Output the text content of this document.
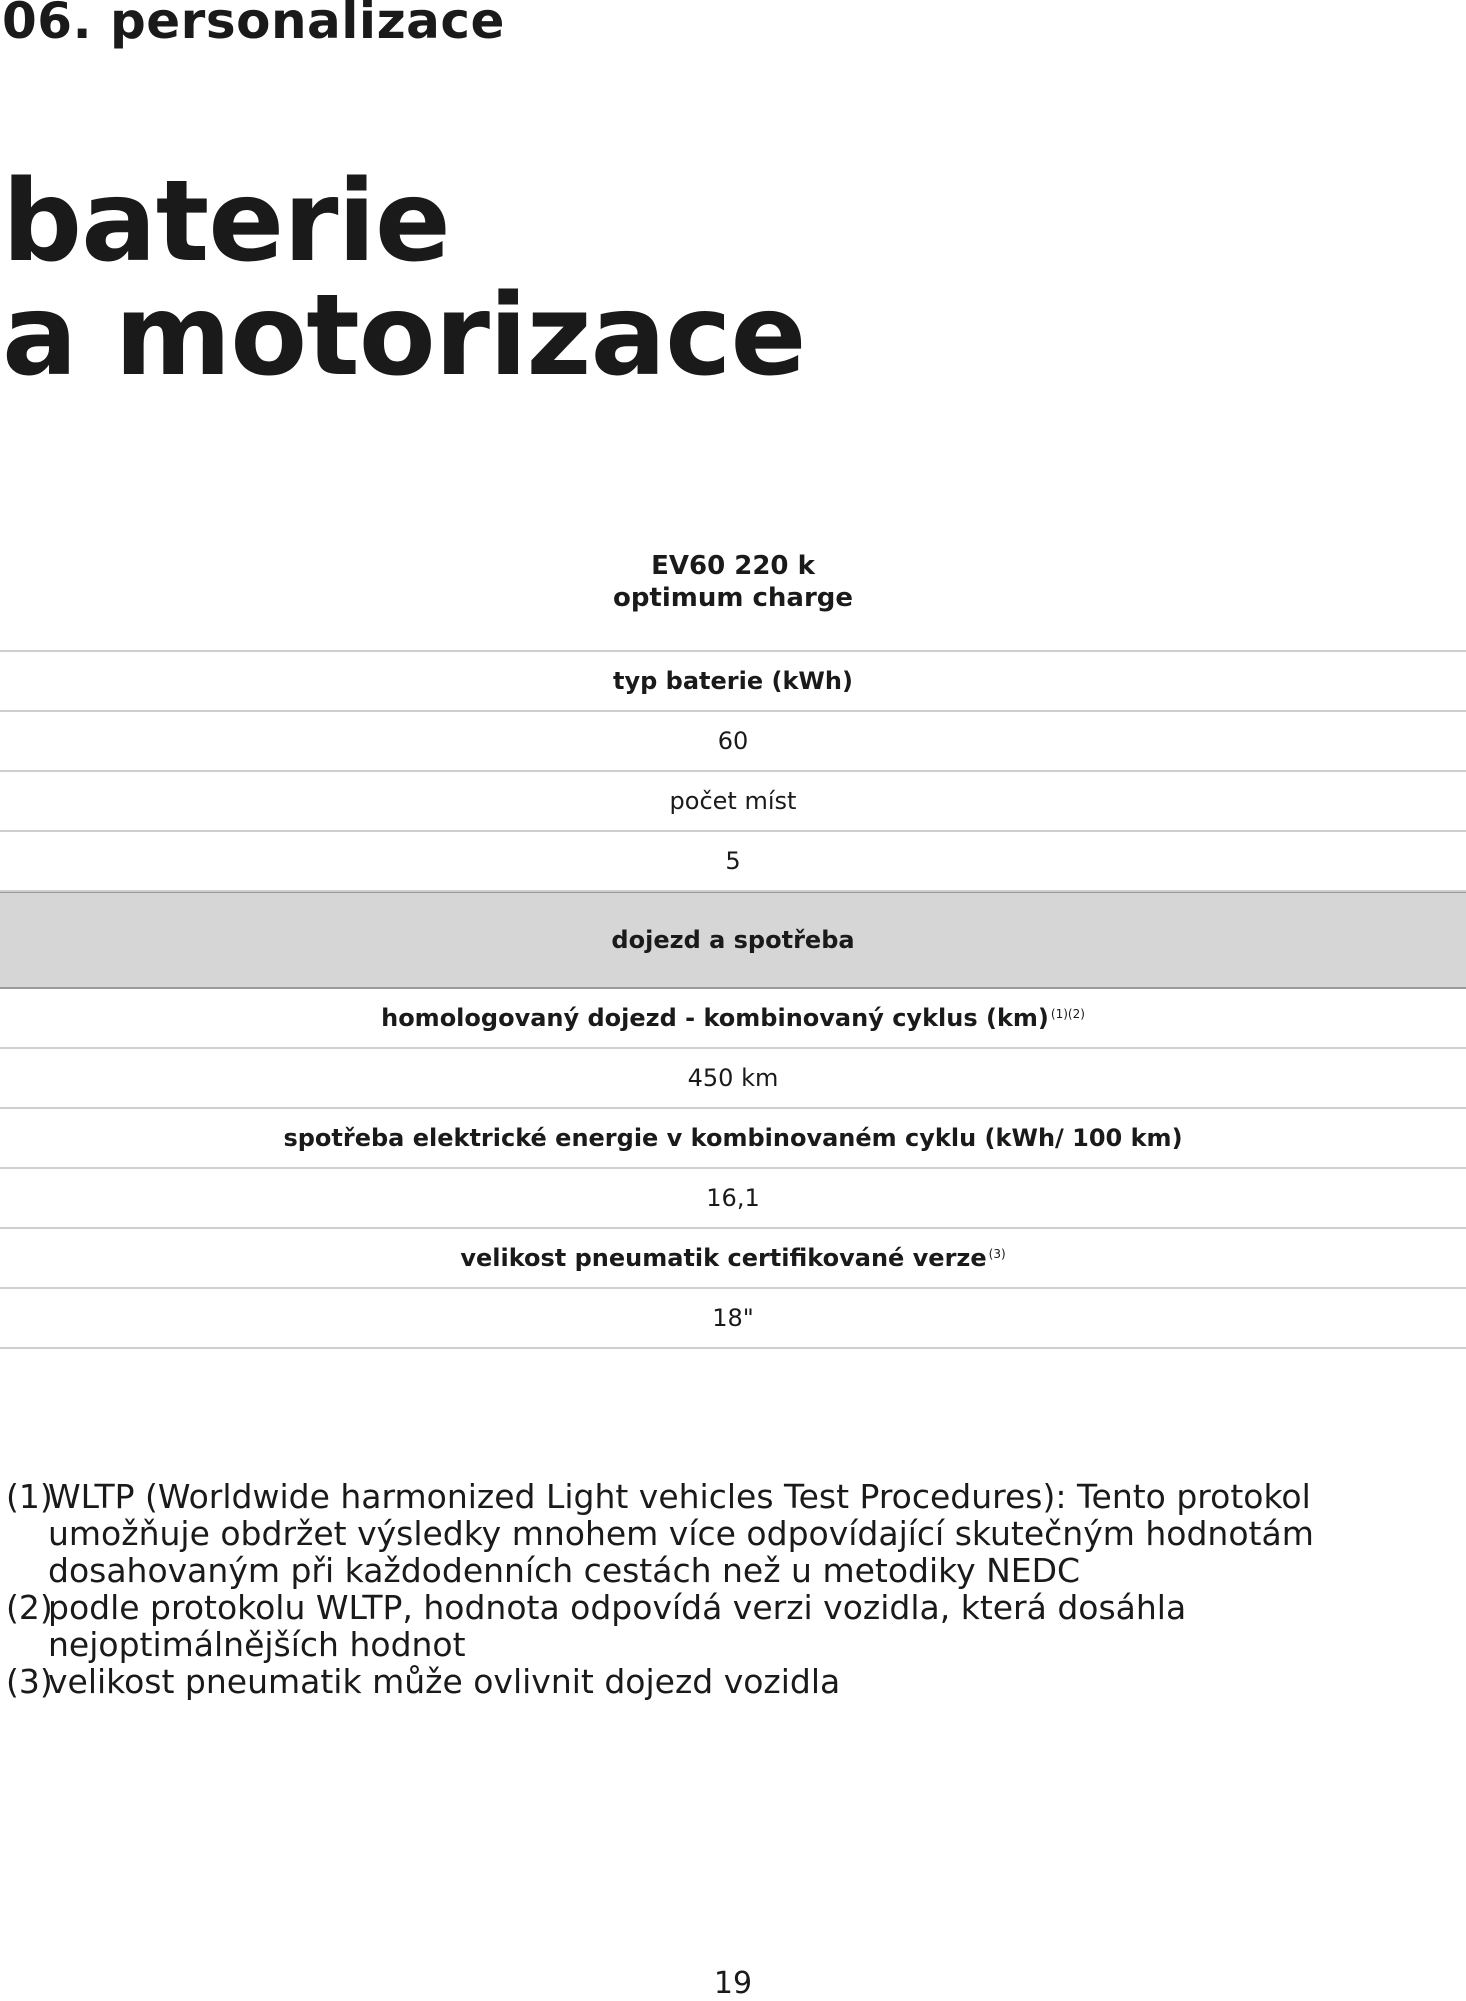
06. personalizace
baterie
a motorizace
EV60 220 k
optimum charge
typ baterie (kWh)
60
počet míst
5
dojezd a spotřeba
homologovaný dojezd - kombinovaný cyklus (km)$^{(1)(2)}$
450 km
spotřeba elektrické energie v kombinovaném cyklu (kWh/ 100 km)
16,1
velikost pneumatik certifikované verze$^{(3)}$
18"

(1)
WLTP (Worldwide harmonized Light vehicles Test Procedures): Tento protokol umožňuje obdržet výsledky mnohem více odpovídající skutečným hodnotám dosahovaným při každodenních cestách než u metodiky NEDC

(2)
podle protokolu WLTP, hodnota odpovídá verzi vozidla, která dosáhla nejoptimálnějších hodnot

(3)
velikost pneumatik může ovlivnit dojezd vozidla

19
